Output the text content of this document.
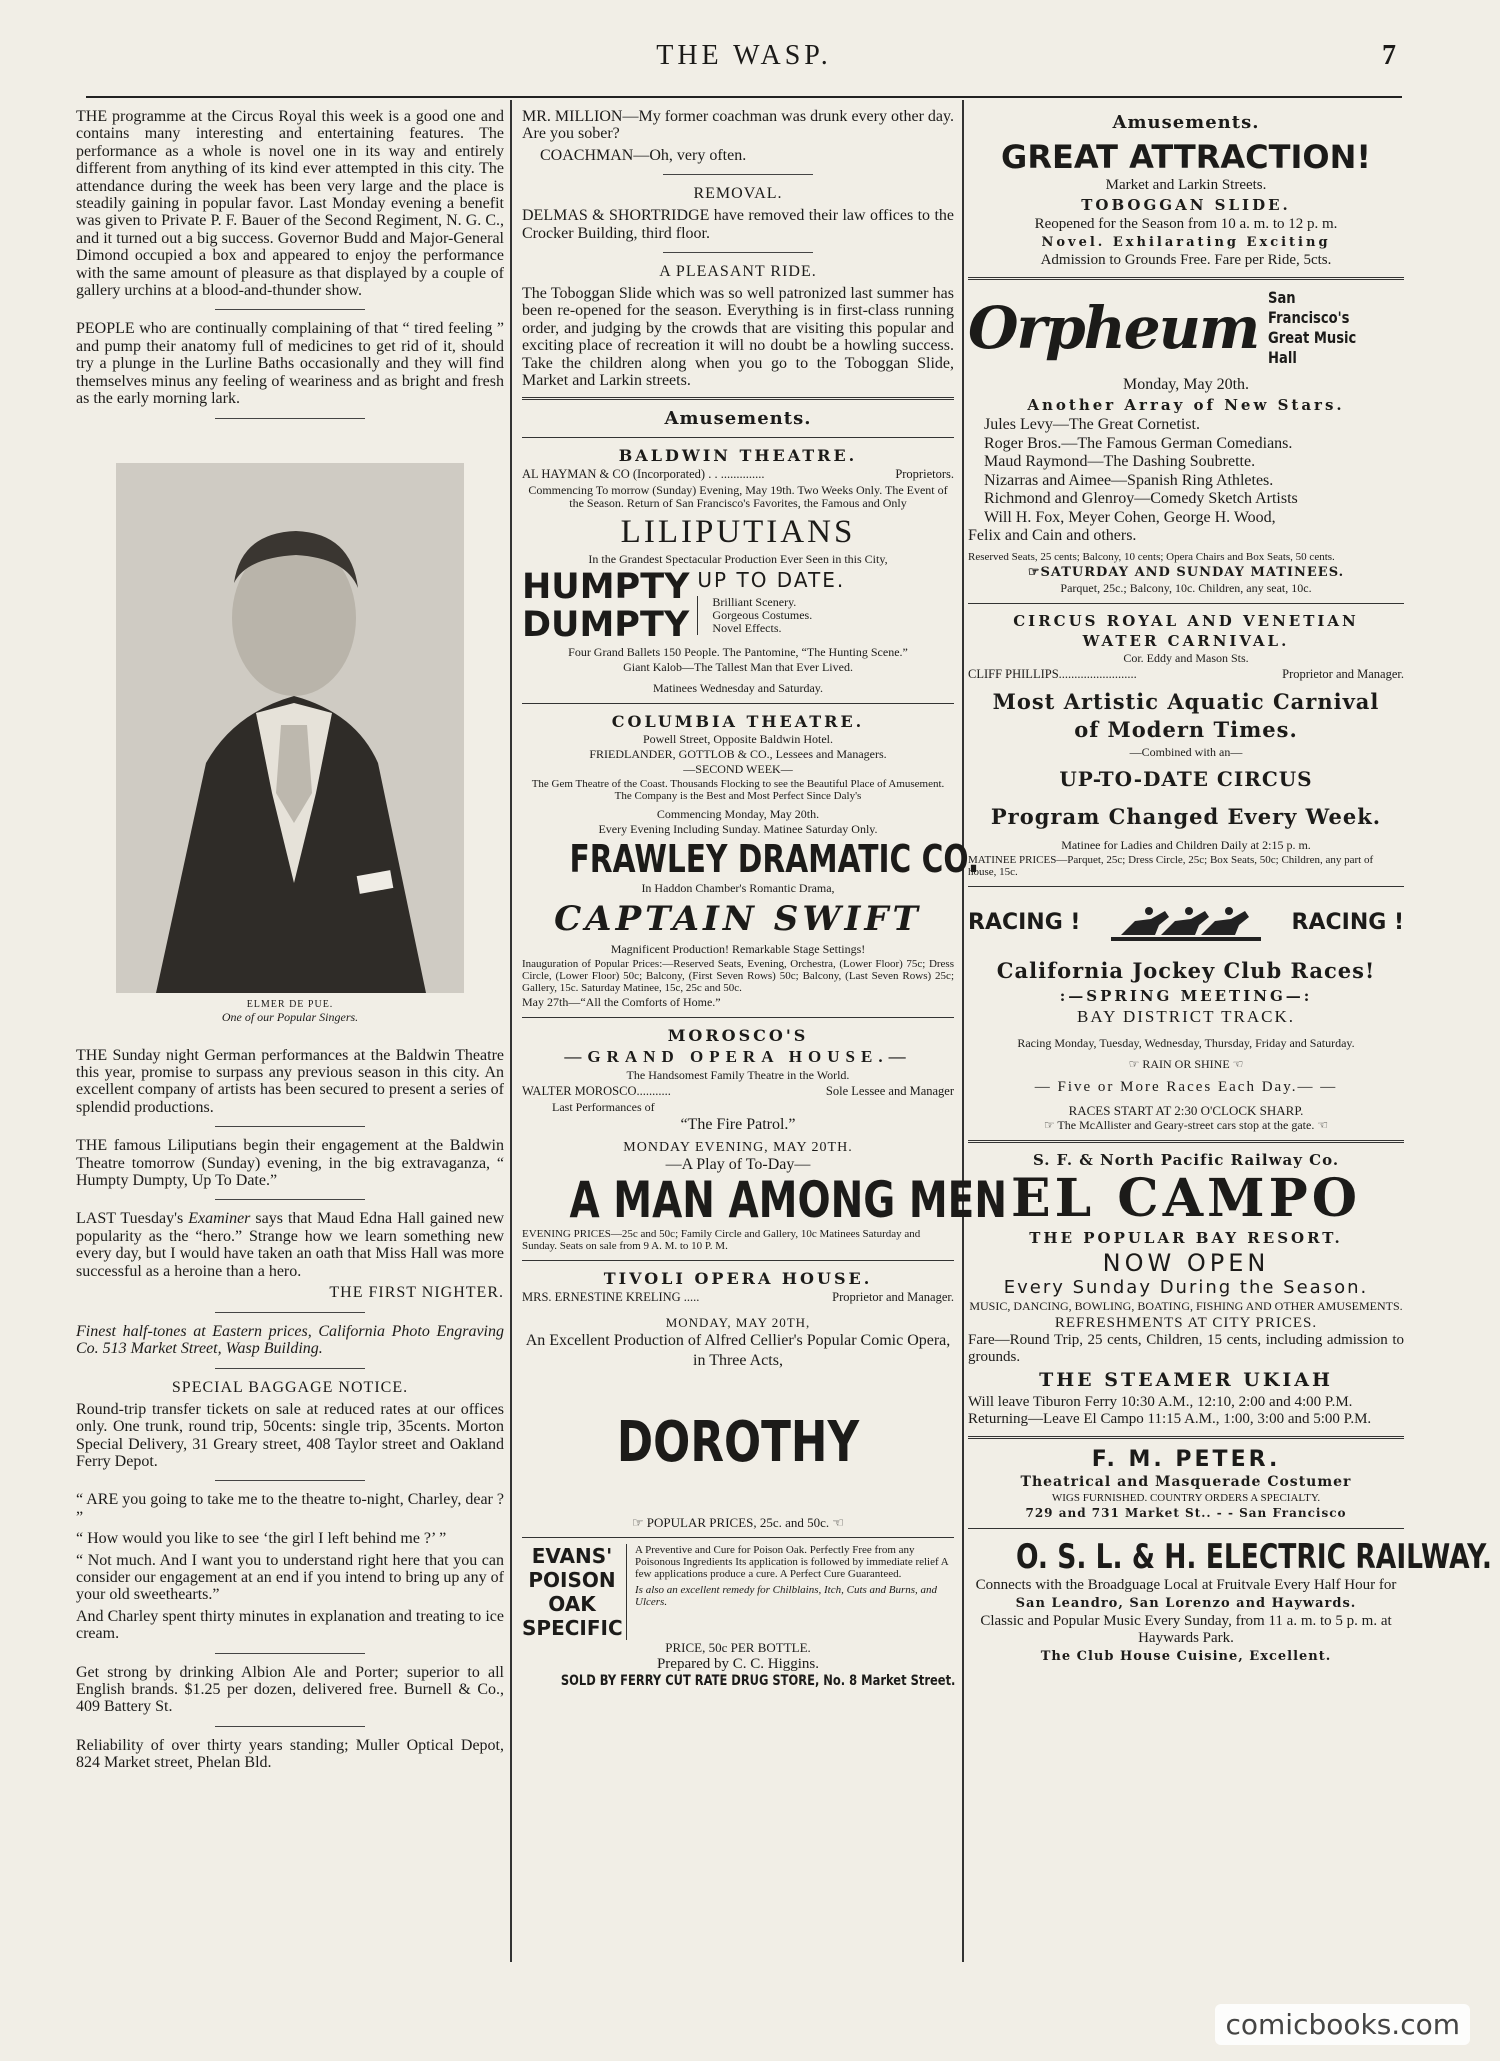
THE WASP.	7

THE programme at the Circus Royal this week is a good one and contains many interesting and entertaining features. The performance as a whole is novel one in its way and entirely different from anything of its kind ever attempted in this city. The attendance during the week has been very large and the place is steadily gaining in popular favor. Last Monday evening a benefit was given to Private P. F. Bauer of the Second Regiment, N. G. C., and it turned out a big success. Governor Budd and Major-General Dimond occupied a box and appeared to enjoy the performance with the same amount of pleasure as that displayed by a couple of gallery urchins at a blood-and-thunder show.

PEOPLE who are continually complaining of that “ tired feeling ” and pump their anatomy full of medicines to get rid of it, should try a plunge in the Lurline Baths occasionally and they will find themselves minus any feeling of weariness and as bright and fresh as the early morning lark.

ELMER DE PUE.
One of our Popular Singers.

THE Sunday night German performances at the Baldwin Theatre this year, promise to surpass any previous season in this city. An excellent company of artists has been secured to present a series of splendid productions.

THE famous Liliputians begin their engagement at the Baldwin Theatre tomorrow (Sunday) evening, in the big extravaganza, “ Humpty Dumpty, Up To Date.”

LAST Tuesday's Examiner says that Maud Edna Hall gained new popularity as the “hero.” Strange how we learn something new every day, but I would have taken an oath that Miss Hall was more successful as a heroine than a hero.

THE FIRST NIGHTER.

Finest half-tones at Eastern prices, California Photo Engraving Co. 513 Market Street, Wasp Building.

SPECIAL BAGGAGE NOTICE.

Round-trip transfer tickets on sale at reduced rates at our offices only. One trunk, round trip, 50cents: single trip, 35cents. Morton Special Delivery, 31 Greary street, 408 Taylor street and Oakland Ferry Depot.

“ ARE you going to take me to the theatre to-night, Charley, dear ? ”

“ How would you like to see ‘the girl I left behind me ?’ ”

“ Not much. And I want you to understand right here that you can consider our engagement at an end if you intend to bring up any of your old sweethearts.”

And Charley spent thirty minutes in explanation and treating to ice cream.

Get strong by drinking Albion Ale and Porter; superior to all English brands. $1.25 per dozen, delivered free. Burnell & Co., 409 Battery St.

Reliability of over thirty years standing; Muller Optical Depot, 824 Market street, Phelan Bld.

MR. MILLION—My former coachman was drunk every other day. Are you sober?

COACHMAN—Oh, very often.

REMOVAL.

DELMAS & SHORTRIDGE have removed their law offices to the Crocker Building, third floor.

A PLEASANT RIDE.

The Toboggan Slide which was so well patronized last summer has been re-opened for the season. Everything is in first-class running order, and judging by the crowds that are visiting this popular and exciting place of recreation it will no doubt be a howling success. Take the children along when you go to the Toboggan Slide, Market and Larkin streets.

Amusements.
BALDWIN THEATRE.
AL HAYMAN & CO (Incorporated) . . ..............	Proprietors.
Commencing To morrow (Sunday) Evening, May 19th. Two Weeks Only. The Event of the Season. Return of San Francisco's Favorites, the Famous and Only
LILIPUTIANS
In the Grandest Spectacular Production Ever Seen in this City,
HUMPTY
DUMPTY
UP TO DATE.
Brilliant Scenery.
Gorgeous Costumes.
Novel Effects.
Four Grand Ballets 150 People. The Pantomine, “The Hunting Scene.”
Giant Kalob—The Tallest Man that Ever Lived.
Matinees Wednesday and Saturday.
COLUMBIA THEATRE.
Powell Street, Opposite Baldwin Hotel.
FRIEDLANDER, GOTTLOB & CO., Lessees and Managers.
—SECOND WEEK—
The Gem Theatre of the Coast. Thousands Flocking to see the Beautiful Place of Amusement. The Company is the Best and Most Perfect Since Daly's
Commencing Monday, May 20th.
Every Evening Including Sunday. Matinee Saturday Only.
FRAWLEY DRAMATIC CO.
In Haddon Chamber's Romantic Drama,
CAPTAIN SWIFT
Magnificent Production! Remarkable Stage Settings!
Inauguration of Popular Prices:—Reserved Seats, Evening, Orchestra, (Lower Floor) 75c; Dress Circle, (Lower Floor) 50c; Balcony, (First Seven Rows) 50c; Balcony, (Last Seven Rows) 25c; Gallery, 15c. Saturday Matinee, 15c, 25c and 50c.
May 27th—“All the Comforts of Home.”
MOROSCO'S
—GRAND OPERA HOUSE.—
The Handsomest Family Theatre in the World.
WALTER MOROSCO...........	Sole Lessee and Manager
Last Performances of
“The Fire Patrol.”
MONDAY EVENING, MAY 20TH.
—A Play of To-Day—
A MAN AMONG MEN
EVENING PRICES—25c and 50c; Family Circle and Gallery, 10c Matinees Saturday and Sunday. Seats on sale from 9 A. M. to 10 P. M.
TIVOLI OPERA HOUSE.
MRS. ERNESTINE KRELING .....	Proprietor and Manager.
MONDAY, MAY 20TH,
An Excellent Production of Alfred Cellier's Popular Comic Opera, in Three Acts,
DOROTHY
☞ POPULAR PRICES, 25c. and 50c. ☜
EVANS'
POISON
OAK
SPECIFIC
A Preventive and Cure for Poison Oak. Perfectly Free from any Poisonous Ingredients Its application is followed by immediate relief A few applications produce a cure. A Perfect Cure Guaranteed.
Is also an excellent remedy for Chilblains, Itch, Cuts and Burns, and Ulcers.
PRICE, 50c PER BOTTLE.
Prepared by C. C. Higgins.
SOLD BY FERRY CUT RATE DRUG STORE, No. 8 Market Street.
Amusements.
GREAT ATTRACTION!
Market and Larkin Streets.
TOBOGGAN SLIDE.
Reopened for the Season from 10 a. m. to 12 p. m.
Novel. Exhilarating Exciting
Admission to Grounds Free. Fare per Ride, 5cts.
Orpheum San Francisco's
Great Music Hall
Monday, May 20th.
Another Array of New Stars.
Jules Levy—The Great Cornetist.
Roger Bros.—The Famous German Comedians.
Maud Raymond—The Dashing Soubrette.
Nizarras and Aimee—Spanish Ring Athletes.
Richmond and Glenroy—Comedy Sketch Artists
Will H. Fox, Meyer Cohen, George H. Wood,
Felix and Cain and others.
Reserved Seats, 25 cents; Balcony, 10 cents; Opera Chairs and Box Seats, 50 cents.
☞SATURDAY AND SUNDAY MATINEES.
Parquet, 25c.; Balcony, 10c. Children, any seat, 10c.
CIRCUS ROYAL AND VENETIAN
WATER CARNIVAL.
Cor. Eddy and Mason Sts.
CLIFF PHILLIPS.........................	Proprietor and Manager.
Most Artistic Aquatic Carnival
of Modern Times.
—Combined with an—
UP-TO-DATE CIRCUS
Program Changed Every Week.
Matinee for Ladies and Children Daily at 2:15 p. m.
MATINEE PRICES—Parquet, 25c; Dress Circle, 25c; Box Seats, 50c; Children, any part of house, 15c.
RACING !	RACING !
California Jockey Club Races!
:—SPRING MEETING—:
BAY DISTRICT TRACK.
Racing Monday, Tuesday, Wednesday, Thursday, Friday and Saturday.
☞ RAIN OR SHINE ☜
— Five or More Races Each Day.— —
RACES START AT 2:30 O'CLOCK SHARP.
☞ The McAllister and Geary-street cars stop at the gate. ☜
S. F. & North Pacific Railway Co.
EL CAMPO
THE POPULAR BAY RESORT.
NOW OPEN
Every Sunday During the Season.
MUSIC, DANCING, BOWLING, BOATING, FISHING AND OTHER AMUSEMENTS.
REFRESHMENTS AT CITY PRICES.
Fare—Round Trip, 25 cents, Children, 15 cents, including admission to grounds.
THE STEAMER UKIAH
Will leave Tiburon Ferry 10:30 A.M., 12:10, 2:00 and 4:00 P.M.
Returning—Leave El Campo 11:15 A.M., 1:00, 3:00 and 5:00 P.M.
F. M. PETER.
Theatrical and Masquerade Costumer
WIGS FURNISHED. COUNTRY ORDERS A SPECIALTY.
729 and 731 Market St.. - - San Francisco
O. S. L. & H. ELECTRIC RAILWAY.
Connects with the Broadguage Local at Fruitvale Every Half Hour for
San Leandro, San Lorenzo and Haywards.
Classic and Popular Music Every Sunday, from 11 a. m. to 5 p. m. at Haywards Park.
The Club House Cuisine, Excellent.
comicbooks.com
